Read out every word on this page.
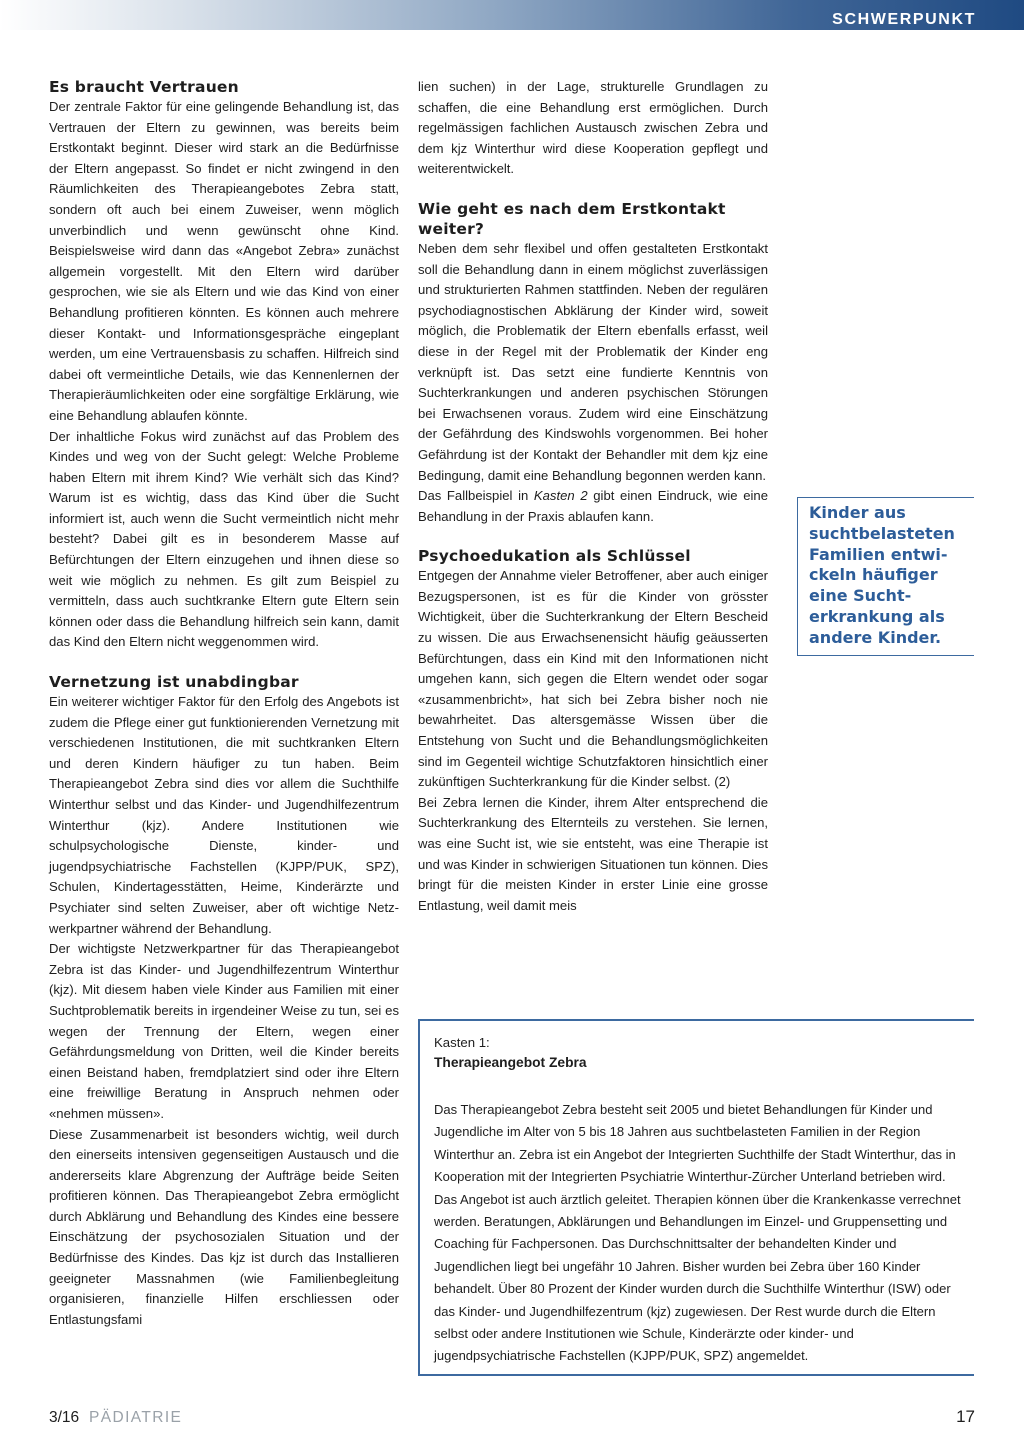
SCHWERPUNKT
Es braucht Vertrauen

Der zentrale Faktor für eine gelingende Behandlung ist, das Vertrauen der Eltern zu gewinnen, was bereits beim Erstkontakt beginnt. Dieser wird stark an die Bedürfnisse der Eltern angepasst. So findet er nicht zwingend in den Räumlichkeiten des Therapieangebotes Zebra statt, sondern oft auch bei einem Zuweiser, wenn möglich unverbindlich und wenn gewünscht ohne Kind. Beispielsweise wird dann das «Angebot Zebra» zunächst allgemein vorgestellt. Mit den Eltern wird darüber gesprochen, wie sie als Eltern und wie das Kind von einer Behandlung profitieren könnten. Es können auch mehrere dieser Kontakt- und Informationsgespräche eingeplant werden, um eine Vertrauensbasis zu schaffen. Hilfreich sind dabei oft vermeintliche Details, wie das Kennenlernen der Therapieräumlichkeiten oder eine sorgfältige Erklärung, wie eine Behandlung ablaufen könnte.

Der inhaltliche Fokus wird zunächst auf das Problem des Kindes und weg von der Sucht gelegt: Welche Probleme haben Eltern mit ihrem Kind? Wie verhält sich das Kind? Warum ist es wichtig, dass das Kind über die Sucht informiert ist, auch wenn die Sucht vermeintlich nicht mehr besteht? Dabei gilt es in besonderem Masse auf Befürchtungen der Eltern einzugehen und ihnen diese so weit wie möglich zu nehmen. Es gilt zum Beispiel zu vermitteln, dass auch suchtkranke Eltern gute Eltern sein können oder dass die Behandlung hilfreich sein kann, damit das Kind den Eltern nicht weggenommen wird.

Vernetzung ist unabdingbar

Ein weiterer wichtiger Faktor für den Erfolg des Angebots ist zudem die Pflege einer gut funktionierenden Vernetzung mit verschiedenen Institutionen, die mit suchtkranken Eltern und deren Kindern häufiger zu tun haben. Beim Therapieangebot Zebra sind dies vor allem die Suchthilfe Winterthur selbst und das Kinder- und Jugendhilfezentrum Winterthur (kjz). Andere Institutionen wie schulpsychologische Dienste, kinder- und jugendpsychiatrische Fachstellen (KJPP/PUK, SPZ), Schulen, Kindertagesstätten, Heime, Kinderärzte und Psychiater sind selten Zuweiser, aber oft wichtige Netzwerkpartner während der Behandlung.

Der wichtigste Netzwerkpartner für das Therapieangebot Zebra ist das Kinder- und Jugendhilfezentrum Winterthur (kjz). Mit diesem haben viele Kinder aus Familien mit einer Suchtproblematik bereits in irgendeiner Weise zu tun, sei es wegen der Trennung der Eltern, wegen einer Gefährdungsmeldung von Dritten, weil die Kinder bereits einen Beistand haben, fremdplatziert sind oder ihre Eltern eine freiwillige Beratung in Anspruch nehmen oder «nehmen müssen».

Diese Zusammenarbeit ist besonders wichtig, weil durch den einerseits intensiven gegenseitigen Austausch und die andererseits klare Abgrenzung der Aufträge beide Seiten profitieren können. Das Therapieangebot Zebra ermöglicht durch Abklärung und Behandlung des Kindes eine bessere Einschätzung der psychosozialen Situation und der Bedürfnisse des Kindes. Das kjz ist durch das Installieren geeigneter Massnahmen (wie Familienbegleitung organisieren, finanzielle Hilfen erschliessen oder Entlastungsfami

lien suchen) in der Lage, strukturelle Grundlagen zu schaffen, die eine Behandlung erst ermöglichen. Durch regelmässigen fachlichen Austausch zwischen Zebra und dem kjz Winterthur wird diese Kooperation gepflegt und weiterentwickelt.

Wie geht es nach dem Erstkontakt weiter?

Neben dem sehr flexibel und offen gestalteten Erstkontakt soll die Behandlung dann in einem möglichst zuverlässigen und strukturierten Rahmen stattfinden. Neben der regulären psychodiagnostischen Abklärung der Kinder wird, soweit möglich, die Problematik der Eltern ebenfalls erfasst, weil diese in der Regel mit der Problematik der Kinder eng verknüpft ist. Das setzt eine fundierte Kenntnis von Suchterkrankungen und anderen psychischen Störungen bei Erwachsenen voraus. Zudem wird eine Einschätzung der Gefährdung des Kindswohls vorgenommen. Bei hoher Gefährdung ist der Kontakt der Behandler mit dem kjz eine Bedingung, damit eine Behandlung begonnen werden kann.

Das Fallbeispiel in Kasten 2 gibt einen Eindruck, wie eine Behandlung in der Praxis ablaufen kann.

Psychoedukation als Schlüssel

Entgegen der Annahme vieler Betroffener, aber auch einiger Bezugspersonen, ist es für die Kinder von grösster Wichtigkeit, über die Suchterkrankung der Eltern Bescheid zu wissen. Die aus Erwachsenensicht häufig geäusserten Befürchtungen, dass ein Kind mit den Informationen nicht umgehen kann, sich gegen die Eltern wendet oder sogar «zusammenbricht», hat sich bei Zebra bisher noch nie bewahrheitet. Das altersgemässe Wissen über die Entstehung von Sucht und die Behandlungsmöglichkeiten sind im Gegenteil wichtige Schutzfaktoren hinsichtlich einer zukünftigen Suchterkrankung für die Kinder selbst. (2)

Bei Zebra lernen die Kinder, ihrem Alter entsprechend die Suchterkrankung des Elternteils zu verstehen. Sie lernen, was eine Sucht ist, wie sie entsteht, was eine Therapie ist und was Kinder in schwierigen Situationen tun können. Dies bringt für die meisten Kinder in erster Linie eine grosse Entlastung, weil damit meis

Kinder aus suchtbelasteten Familien entwickeln häufiger eine Suchterkrankung als andere Kinder.
Kasten 1:
Therapieangebot Zebra

Das Therapieangebot Zebra besteht seit 2005 und bietet Behandlungen für Kinder und Jugendliche im Alter von 5 bis 18 Jahren aus suchtbelasteten Familien in der Region Winterthur an. Zebra ist ein Angebot der Integrierten Suchthilfe der Stadt Winterthur, das in Kooperation mit der Integrierten Psychiatrie Winterthur-Zürcher Unterland betrieben wird. Das Angebot ist auch ärztlich geleitet. Therapien können über die Krankenkasse verrechnet werden. Beratungen, Abklärungen und Behandlungen im Einzel- und Gruppensetting und Coaching für Fachpersonen. Das Durchschnittsalter der behandelten Kinder und Jugendlichen liegt bei ungefähr 10 Jahren. Bisher wurden bei Zebra über 160 Kinder behandelt. Über 80 Prozent der Kinder wurden durch die Suchthilfe Winterthur (ISW) oder das Kinder- und Jugendhilfezentrum (kjz) zugewiesen. Der Rest wurde durch die Eltern selbst oder andere Institutionen wie Schule, Kinderärzte oder kinder- und jugendpsychiatrische Fachstellen (KJPP/PUK, SPZ) angemeldet.

3/16 PÄDIATRIE	17
